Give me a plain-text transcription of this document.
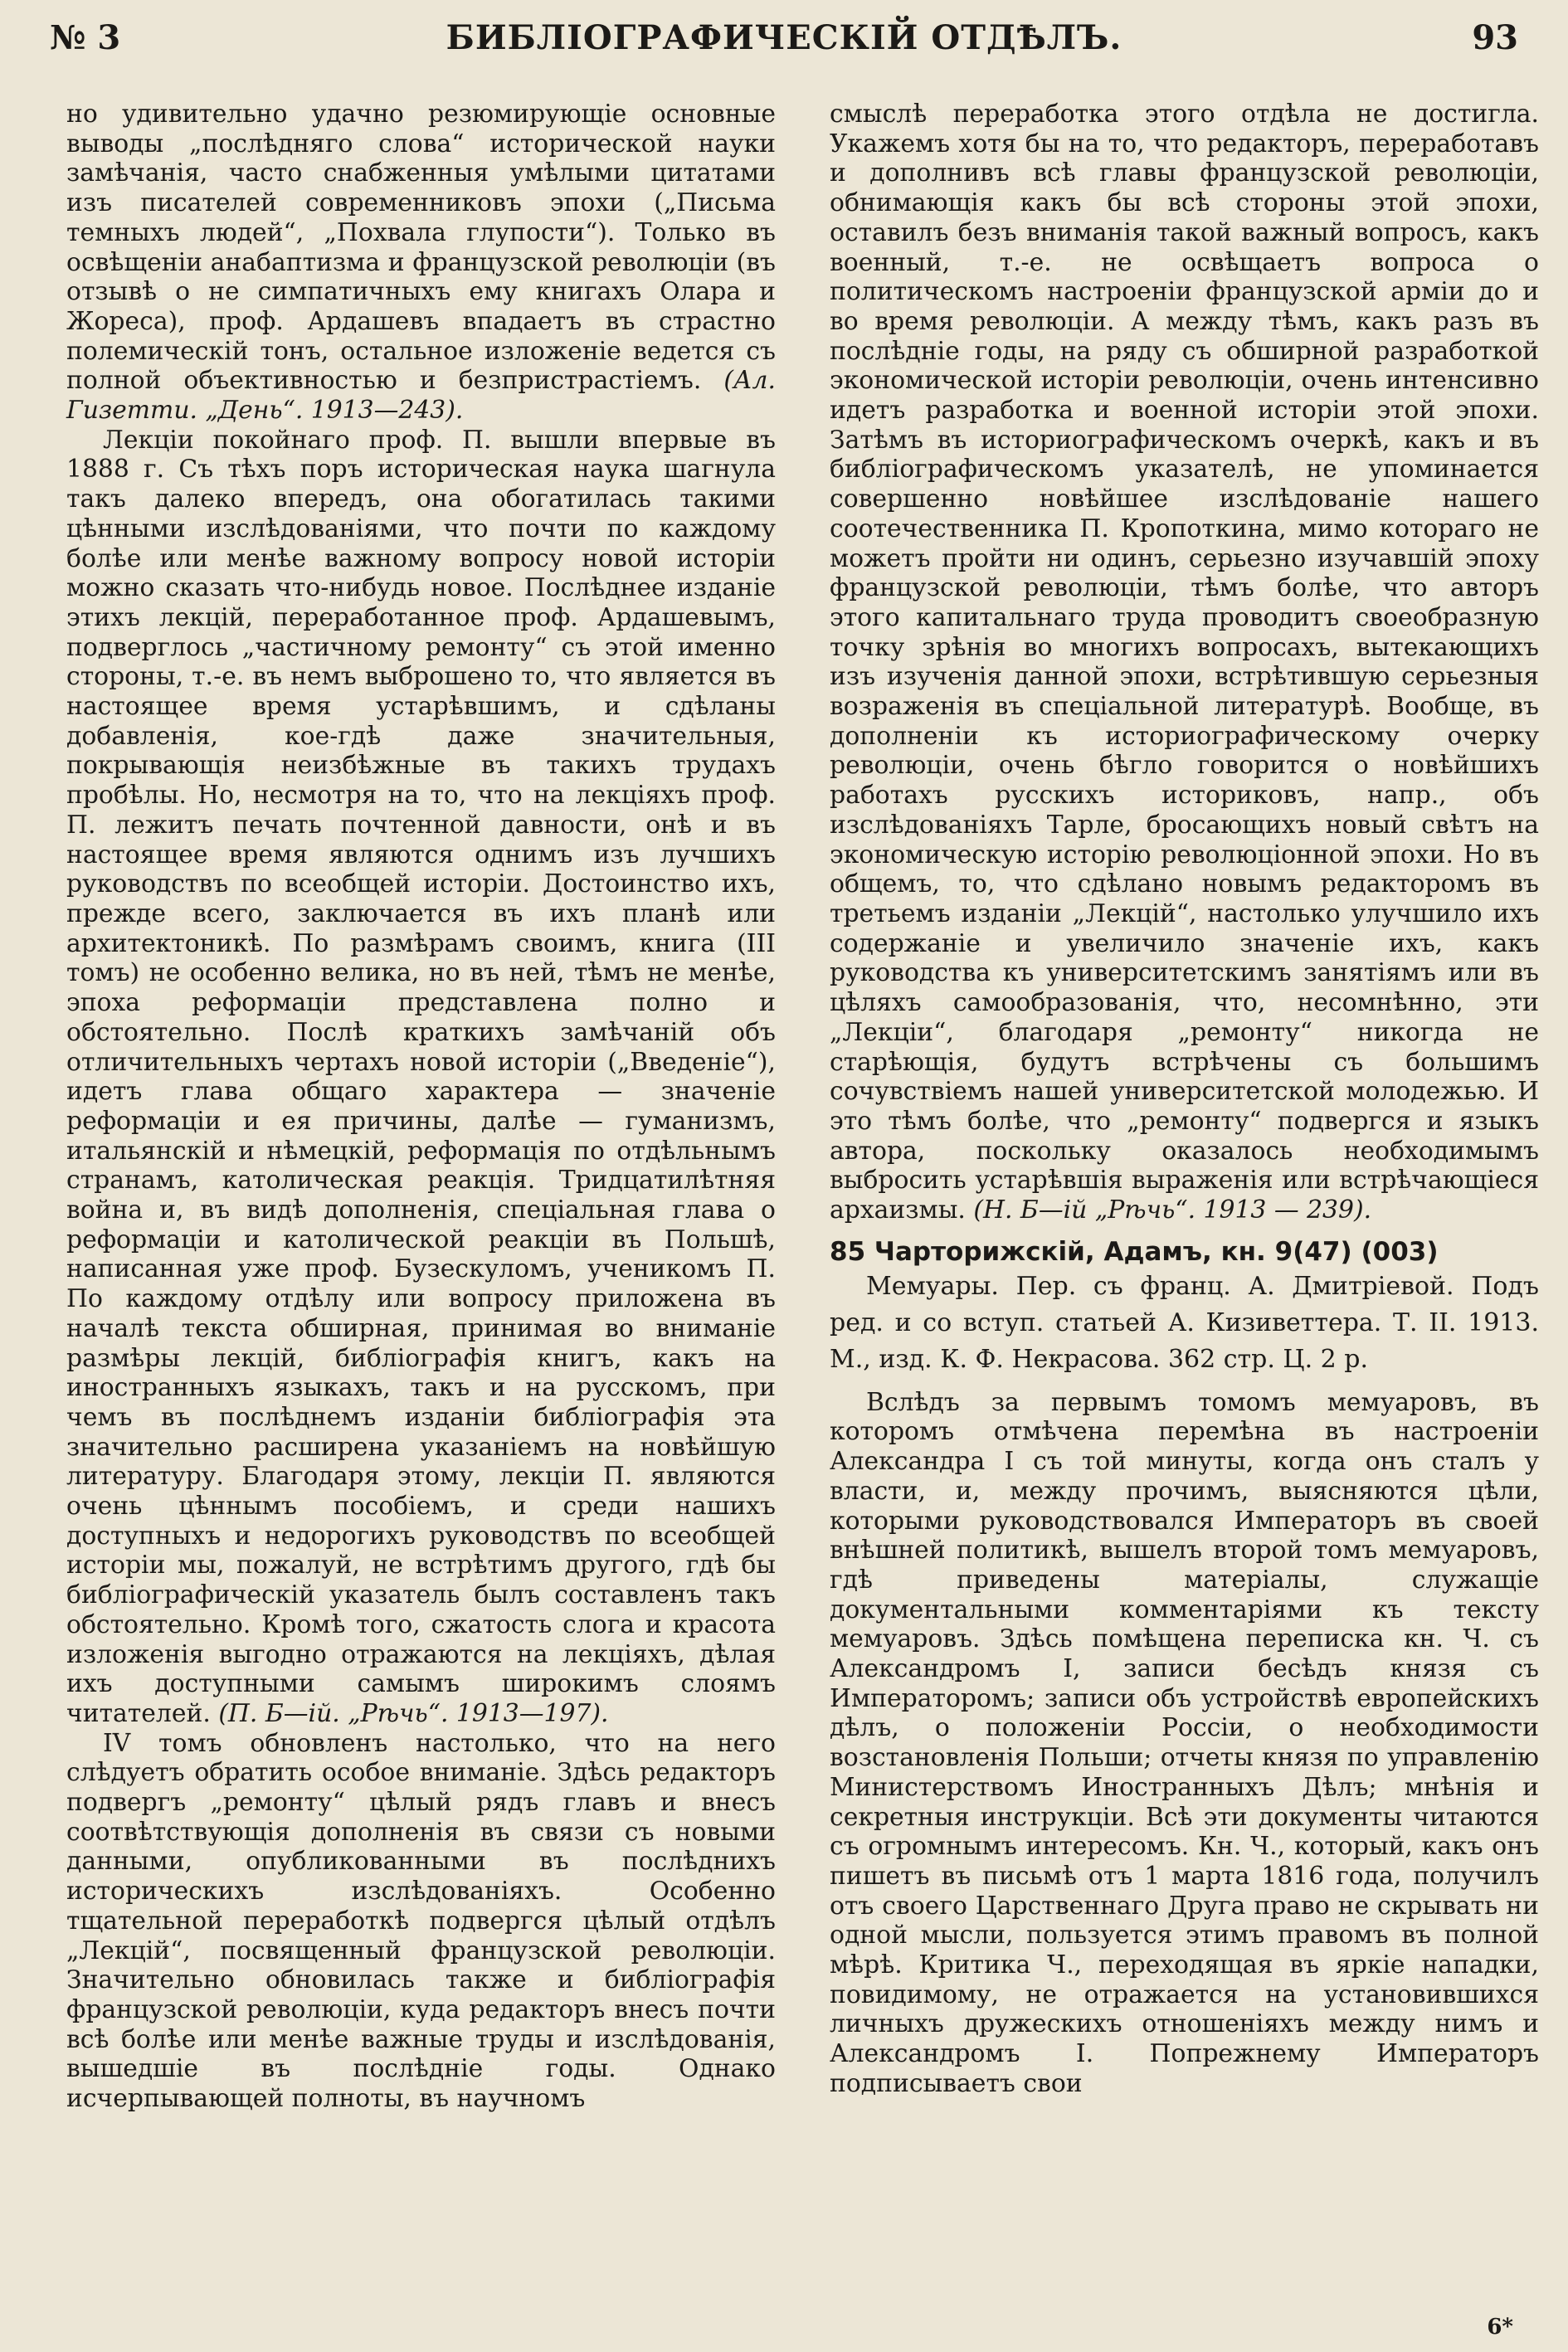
№ 3	БИБЛІОГРАФИЧЕСКІЙ ОТДѢЛЪ.	93

но удивительно удачно резюмирующіе основные выводы „послѣдняго слова“ исторической науки замѣчанія, часто снабженныя умѣлыми цитатами изъ писателей современниковъ эпохи („Письма темныхъ людей“, „Похвала глупости“). Только въ освѣщеніи анабаптизма и французской революціи (въ отзывѣ о не симпатичныхъ ему книгахъ Олара и Жореса), проф. Ардашевъ впадаетъ въ страстно полемическій тонъ, остальное изложеніе ведется съ полной объективностью и безпристрастіемъ. (Ал. Гизетти. „День“. 1913—243).

Лекціи покойнаго проф. П. вышли впервые въ 1888 г. Съ тѣхъ поръ историческая наука шагнула такъ далеко впередъ, она обогатилась такими цѣнными изслѣдованіями, что почти по каждому болѣе или менѣе важному вопросу новой исторіи можно сказать что-нибудь новое. Послѣднее изданіе этихъ лекцій, переработанное проф. Ардашевымъ, подверглось „частичному ремонту“ съ этой именно стороны, т.-е. въ немъ выброшено то, что является въ настоящее время устарѣвшимъ, и сдѣланы добавленія, кое-гдѣ даже значительныя, покрывающія неизбѣжные въ такихъ трудахъ пробѣлы. Но, несмотря на то, что на лекціяхъ проф. П. лежитъ печать почтенной давности, онѣ и въ настоящее время являются однимъ изъ лучшихъ руководствъ по всеобщей исторіи. Достоинство ихъ, прежде всего, заключается въ ихъ планѣ или архитектоникѣ. По размѣрамъ своимъ, книга (III томъ) не особенно велика, но въ ней, тѣмъ не менѣе, эпоха реформаціи представлена полно и обстоятельно. Послѣ краткихъ замѣчаній объ отличительныхъ чертахъ новой исторіи („Введеніе“), идетъ глава общаго характера — значеніе реформаціи и ея причины, далѣе — гуманизмъ, итальянскій и нѣмецкій, реформація по отдѣльнымъ странамъ, католическая реакція. Тридцатилѣтняя война и, въ видѣ дополненія, спеціальная глава о реформаціи и католической реакціи въ Польшѣ, написанная уже проф. Бузескуломъ, ученикомъ П. По каждому отдѣлу или вопросу приложена въ началѣ текста обширная, принимая во вниманіе размѣры лекцій, библіографія книгъ, какъ на иностранныхъ языкахъ, такъ и на русскомъ, при чемъ въ послѣднемъ изданіи библіографія эта значительно расширена указаніемъ на новѣйшую литературу. Благодаря этому, лекціи П. являются очень цѣннымъ пособіемъ, и среди нашихъ доступныхъ и недорогихъ руководствъ по всеобщей исторіи мы, пожалуй, не встрѣтимъ другого, гдѣ бы библіографическій указатель былъ составленъ такъ обстоятельно. Кромѣ того, сжатость слога и красота изложенія выгодно отражаются на лекціяхъ, дѣлая ихъ доступными самымъ широкимъ слоямъ читателей. (П. Б—ій. „Рѣчь“. 1913—197).

IV томъ обновленъ настолько, что на него слѣдуетъ обратить особое вниманіе. Здѣсь редакторъ подвергъ „ремонту“ цѣлый рядъ главъ и внесъ соотвѣтствующія дополненія въ связи съ новыми данными, опубликованными въ послѣднихъ историческихъ изслѣдованіяхъ. Особенно тщательной переработкѣ подвергся цѣлый отдѣлъ „Лекцій“, посвященный французской революціи. Значительно обновилась также и библіографія французской революціи, куда редакторъ внесъ почти всѣ болѣе или менѣе важные труды и изслѣдованія, вышедшіе въ послѣдніе годы. Однако исчерпывающей полноты, въ научномъ

смыслѣ переработка этого отдѣла не достигла. Укажемъ хотя бы на то, что редакторъ, переработавъ и дополнивъ всѣ главы французской революціи, обнимающія какъ бы всѣ стороны этой эпохи, оставилъ безъ вниманія такой важный вопросъ, какъ военный, т.-е. не освѣщаетъ вопроса о политическомъ настроеніи французской арміи до и во время революціи. А между тѣмъ, какъ разъ въ послѣдніе годы, на ряду съ обширной разработкой экономической исторіи революціи, очень интенсивно идетъ разработка и военной исторіи этой эпохи. Затѣмъ въ историографическомъ очеркѣ, какъ и въ библіографическомъ указателѣ, не упоминается совершенно новѣйшее изслѣдованіе нашего соотечественника П. Кропоткина, мимо котораго не можетъ пройти ни одинъ, серьезно изучавшій эпоху французской революціи, тѣмъ болѣе, что авторъ этого капитальнаго труда проводитъ своеобразную точку зрѣнія во многихъ вопросахъ, вытекающихъ изъ изученія данной эпохи, встрѣтившую серьезныя возраженія въ спеціальной литературѣ. Вообще, въ дополненіи къ историографическому очерку революціи, очень бѣгло говорится о новѣйшихъ работахъ русскихъ историковъ, напр., объ изслѣдованіяхъ Тарле, бросающихъ новый свѣтъ на экономическую исторію революціонной эпохи. Но въ общемъ, то, что сдѣлано новымъ редакторомъ въ третьемъ изданіи „Лекцій“, настолько улучшило ихъ содержаніе и увеличило значеніе ихъ, какъ руководства къ университетскимъ занятіямъ или въ цѣляхъ самообразованія, что, несомнѣнно, эти „Лекціи“, благодаря „ремонту“ никогда не старѣющія, будутъ встрѣчены съ большимъ сочувствіемъ нашей университетской молодежью. И это тѣмъ болѣе, что „ремонту“ подвергся и языкъ автора, поскольку оказалось необходимымъ выбросить устарѣвшія выраженія или встрѣчающіеся архаизмы. (Н. Б—ій „Рѣчь“. 1913 — 239).

85 Чарторижскій, Адамъ, кн. 9(47) (003)

Мемуары. Пер. съ франц. А. Дмитріевой. Подъ ред. и со вступ. статьей А. Кизиветтера. Т. II. 1913. М., изд. К. Ф. Некрасова. 362 стр. Ц. 2 р.

Вслѣдъ за первымъ томомъ мемуаровъ, въ которомъ отмѣчена перемѣна въ настроеніи Александра I съ той минуты, когда онъ сталъ у власти, и, между прочимъ, выясняются цѣли, которыми руководствовался Императоръ въ своей внѣшней политикѣ, вышелъ второй томъ мемуаровъ, гдѣ приведены матеріалы, служащіе документальными комментаріями къ тексту мемуаровъ. Здѣсь помѣщена переписка кн. Ч. съ Александромъ I, записи бесѣдъ князя съ Императоромъ; записи объ устройствѣ европейскихъ дѣлъ, о положеніи Россіи, о необходимости возстановленія Польши; отчеты князя по управленію Министерствомъ Иностранныхъ Дѣлъ; мнѣнія и секретныя инструкціи. Всѣ эти документы читаются съ огромнымъ интересомъ. Кн. Ч., который, какъ онъ пишетъ въ письмѣ отъ 1 марта 1816 года, получилъ отъ своего Царственнаго Друга право не скрывать ни одной мысли, пользуется этимъ правомъ въ полной мѣрѣ. Критика Ч., переходящая въ яркіе нападки, повидимому, не отражается на установившихся личныхъ дружескихъ отношеніяхъ между нимъ и Александромъ I. Попрежнему Императоръ подписываетъ свои

6*
